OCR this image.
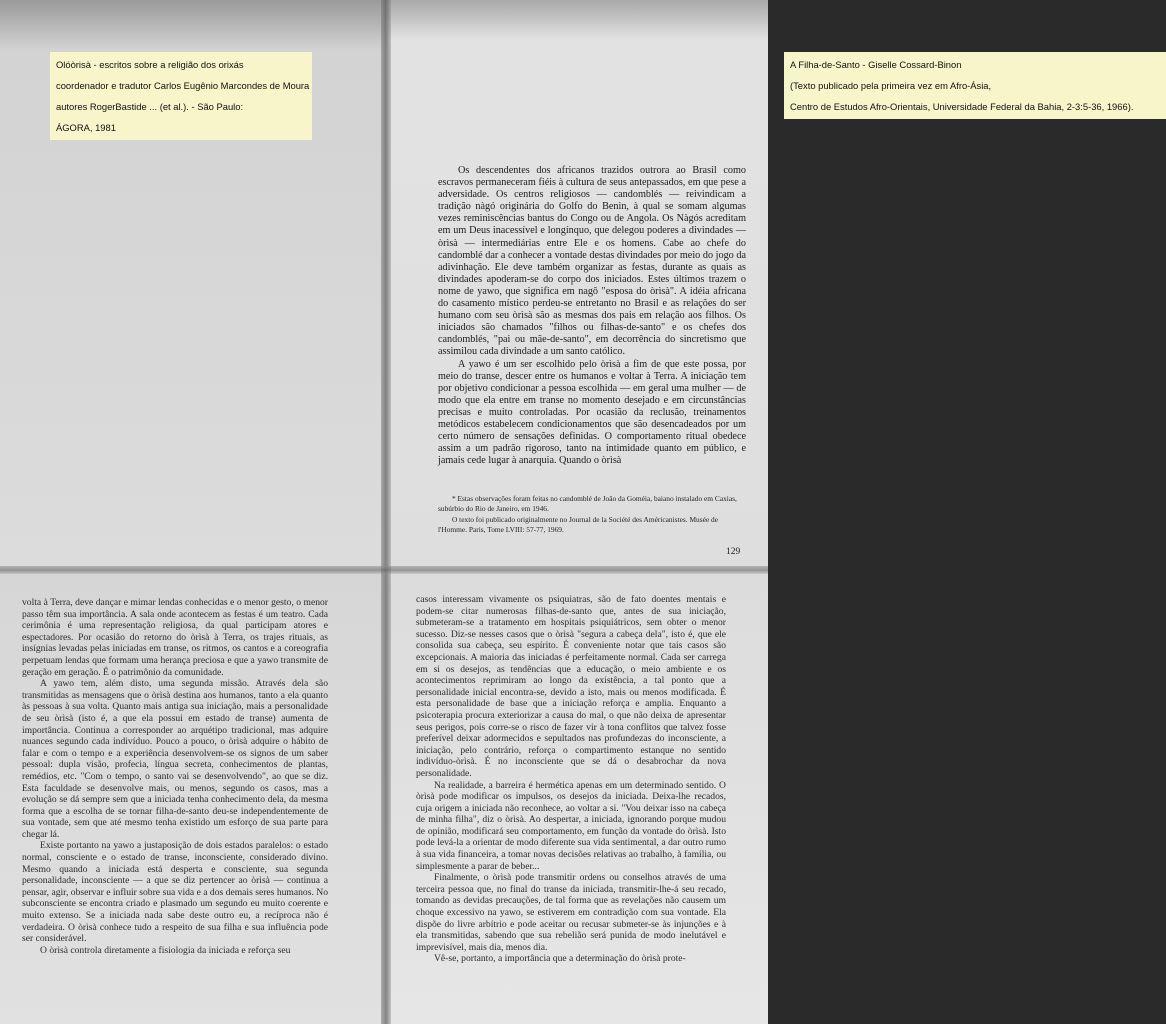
Olóòrisà - escritos sobre a religião dos orixás
coordenador e tradutor Carlos Eugênio Marcondes de Moura
autores RogerBastide ... (et al.). - São Paulo:
ÁGORA, 1981
A Filha-de-Santo - Giselle Cossard-Binon
(Texto publicado pela primeira vez em Afro-Ásia,
Centro de Estudos Afro-Orientais, Universidade Federal da Bahia, 2-3:5-36, 1966).

Os descendentes dos africanos trazidos outrora ao Brasil como escravos permaneceram fiéis à cultura de seus antepassados, em que pese a adversidade. Os centros religiosos — candomblés — reivindicam a tradição nàgó originária do Golfo do Benin, à qual se somam algumas vezes reminiscências bantus do Congo ou de Angola. Os Nàgós acreditam em um Deus inacessível e longínquo, que delegou poderes a divindades — òrìsà — intermediárias entre Ele e os homens. Cabe ao chefe do candomblé dar a conhecer a vontade destas divindades por meio do jogo da adivinhação. Ele deve também organizar as festas, durante as quais as divindades apoderam-se do corpo dos iniciados. Estes últimos trazem o nome de yawo, que significa em nagô "esposa do òrìsà". A idéia africana do casamento místico perdeu-se entretanto no Brasil e as relações do ser humano com seu òrìsà são as mesmas dos pais em relação aos filhos. Os iniciados são chamados "filhos ou filhas-de-santo" e os chefes dos candomblés, "pai ou mãe-de-santo", em decorrência do sincretismo que assimilou cada divindade a um santo católico.

A yawo é um ser escolhido pelo òrìsà a fim de que este possa, por meio do transe, descer entre os humanos e voltar à Terra. A iniciação tem por objetivo condicionar a pessoa escolhida — em geral uma mulher — de modo que ela entre em transe no momento desejado e em circunstâncias precisas e muito controladas. Por ocasião da reclusão, treinamentos metódicos estabelecem condicionamentos que são desencadeados por um certo número de sensações definidas. O comportamento ritual obedece assim a um padrão rigoroso, tanto na intimidade quanto em público, e jamais cede lugar à anarquia. Quando o òrìsà

* Estas observações foram feitas no candomblé de João da Goméia, baiano instalado em Caxias, subúrbio do Rio de Janeiro, em 1946.

O texto foi publicado originalmente no Journal de la Société des Américanistes. Musée de l'Homme. Paris, Tome LVIII: 57-77, 1969.

129

volta à Terra, deve dançar e mimar lendas conhecidas e o menor gesto, o menor passo têm sua importância. A sala onde acontecem as festas é um teatro. Cada cerimônia é uma representação religiosa, da qual participam atores e espectadores. Por ocasião do retorno do òrìsà à Terra, os trajes rituais, as insígnias levadas pelas iniciadas em transe, os ritmos, os cantos e a coreografia perpetuam lendas que formam uma herança preciosa e que a yawo transmite de geração em geração. É o patrimônio da comunidade.

A yawo tem, além disto, uma segunda missão. Através dela são transmitidas as mensagens que o òrìsà destina aos humanos, tanto a ela quanto às pessoas à sua volta. Quanto mais antiga sua iniciação, mais a personalidade de seu òrìsà (isto é, a que ela possui em estado de transe) aumenta de importância. Continua a corresponder ao arquétipo tradicional, mas adquire nuances segundo cada indivíduo. Pouco a pouco, o òrìsà adquire o hábito de falar e com o tempo e a experiência desenvolvem-se os signos de um saber pessoal: dupla visão, profecia, língua secreta, conhecimentos de plantas, remédios, etc. "Com o tempo, o santo vai se desenvolvendo", ao que se diz. Esta faculdade se desenvolve mais, ou menos, segundo os casos, mas a evolução se dá sempre sem que a iniciada tenha conhecimento dela, da mesma forma que a escolha de se tornar filha-de-santo deu-se independentemente de sua vontade, sem que até mesmo tenha existido um esforço de sua parte para chegar lá.

Existe portanto na yawo a justaposição de dois estados paralelos: o estado normal, consciente e o estado de transe, inconsciente, considerado divino. Mesmo quando a iniciada está desperta e consciente, sua segunda personalidade, inconsciente — a que se diz pertencer ao òrìsà — continua a pensar, agir, observar e influir sobre sua vida e a dos demais seres humanos. No subconsciente se encontra criado e plasmado um segundo eu muito coerente e muito extenso. Se a iniciada nada sabe deste outro eu, a recíproca não é verdadeira. O òrìsà conhece tudo a respeito de sua filha e sua influência pode ser considerável.

O òrìsà controla diretamente a fisiologia da iniciada e reforça seu

casos interessam vivamente os psiquiatras, são de fato doentes mentais e podem-se citar numerosas filhas-de-santo que, antes de sua iniciação, submeteram-se a tratamento em hospitais psiquiátricos, sem obter o menor sucesso. Diz-se nesses casos que o òrìsà "segura a cabeça dela", isto é, que ele consolida sua cabeça, seu espírito. É conveniente notar que tais casos são excepcionais. A maioria das iniciadas é perfeitamente normal. Cada ser carrega em si os desejos, as tendências que a educação, o meio ambiente e os acontecimentos reprimiram ao longo da existência, a tal ponto que a personalidade inicial encontra-se, devido a isto, mais ou menos modificada. É esta personalidade de base que a iniciação reforça e amplia. Enquanto a psicoterapia procura exteriorizar a causa do mal, o que não deixa de apresentar seus perigos, pois corre-se o risco de fazer vir à tona conflitos que talvez fosse preferível deixar adormecidos e sepultados nas profundezas do inconsciente, a iniciação, pelo contrário, reforça o compartimento estanque no sentido indivíduo-òrìsà. É no inconsciente que se dá o desabrochar da nova personalidade.

Na realidade, a barreira é hermética apenas em um determinado sentido. O òrìsà pode modificar os impulsos, os desejos da iniciada. Deixa-lhe recados, cuja origem a iniciada não reconhece, ao voltar a si. "Vou deixar isso na cabeça de minha filha", diz o òrìsà. Ao despertar, a iniciada, ignorando porque mudou de opinião, modificará seu comportamento, em função da vontade do òrìsà. Isto pode levá-la a orientar de modo diferente sua vida sentimental, a dar outro rumo à sua vida financeira, a tomar novas decisões relativas ao trabalho, à família, ou simplesmente a parar de beber...

Finalmente, o òrìsà pode transmitir ordens ou conselhos através de uma terceira pessoa que, no final do transe da iniciada, transmitir-lhe-á seu recado, tomando as devidas precauções, de tal forma que as revelações não causem um choque excessivo na yawo, se estiverem em contradição com sua vontade. Ela dispõe do livre arbítrio e pode aceitar ou recusar submeter-se às injunções e à ela transmitidas, sabendo que sua rebelião será punida de modo inelutável e imprevisível, mais dia, menos dia.

Vê-se, portanto, a importância que a determinação do òrìsà prote-
